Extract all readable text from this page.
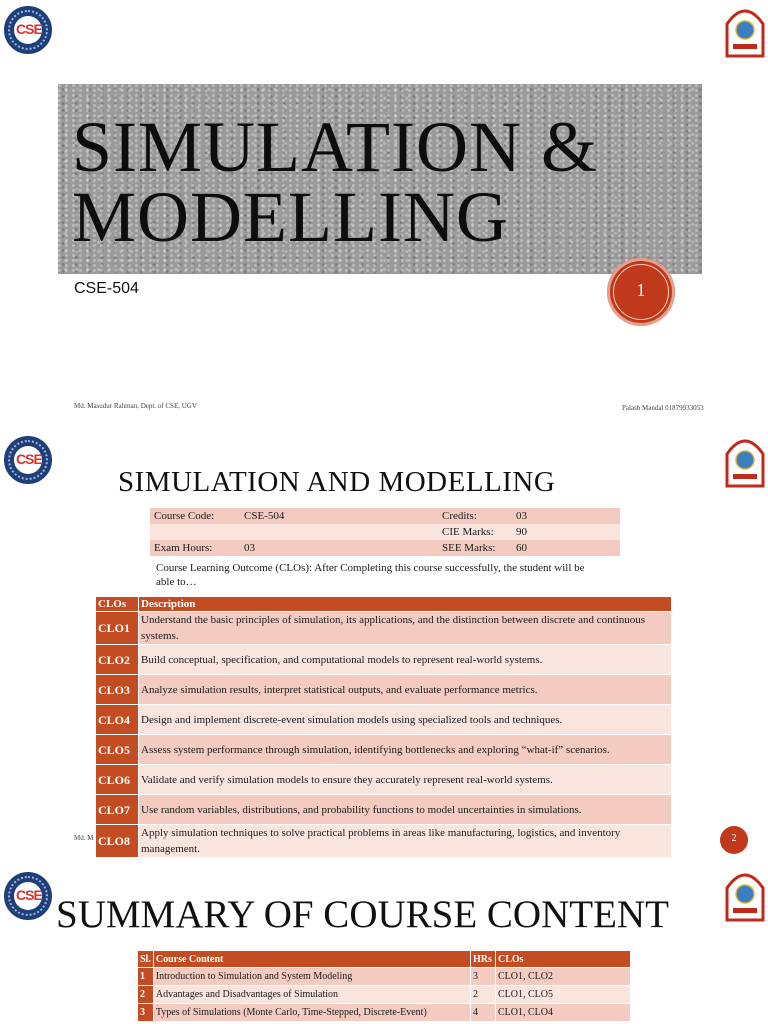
CSE
SIMULATION &
MODELLING
CSE-504	1
Md. Masudur Rahman, Dept. of CSE, UGV	Palash Mandal 01879933053
CSE
SIMULATION AND MODELLING
Course Code:	CSE-504	Credits:	03
		CIE Marks:	90
Exam Hours:	03	SEE Marks:	60
Course Learning Outcome (CLOs): After Completing this course successfully, the student will be able to…
CLOs	Description
CLO1	Understand the basic principles of simulation, its applications, and the distinction between discrete and continuous systems.
CLO2	Build conceptual, specification, and computational models to represent real-world systems.
CLO3	Analyze simulation results, interpret statistical outputs, and evaluate performance metrics.
CLO4	Design and implement discrete-event simulation models using specialized tools and techniques.
CLO5	Assess system performance through simulation, identifying bottlenecks and exploring “what-if” scenarios.
CLO6	Validate and verify simulation models to ensure they accurately represent real-world systems.
CLO7	Use random variables, distributions, and probability functions to model uncertainties in simulations.
CLO8	Apply simulation techniques to solve practical problems in areas like manufacturing, logistics, and inventory management.
Md. M	2
CSE SUMMARY OF COURSE CONTENT
Sl.	Course Content	HRs	CLOs
1	Introduction to Simulation and System Modeling	3	CLO1, CLO2
2	Advantages and Disadvantages of Simulation	2	CLO1, CLO5
3	Types of Simulations (Monte Carlo, Time-Stepped, Discrete-Event)	4	CLO1, CLO4
